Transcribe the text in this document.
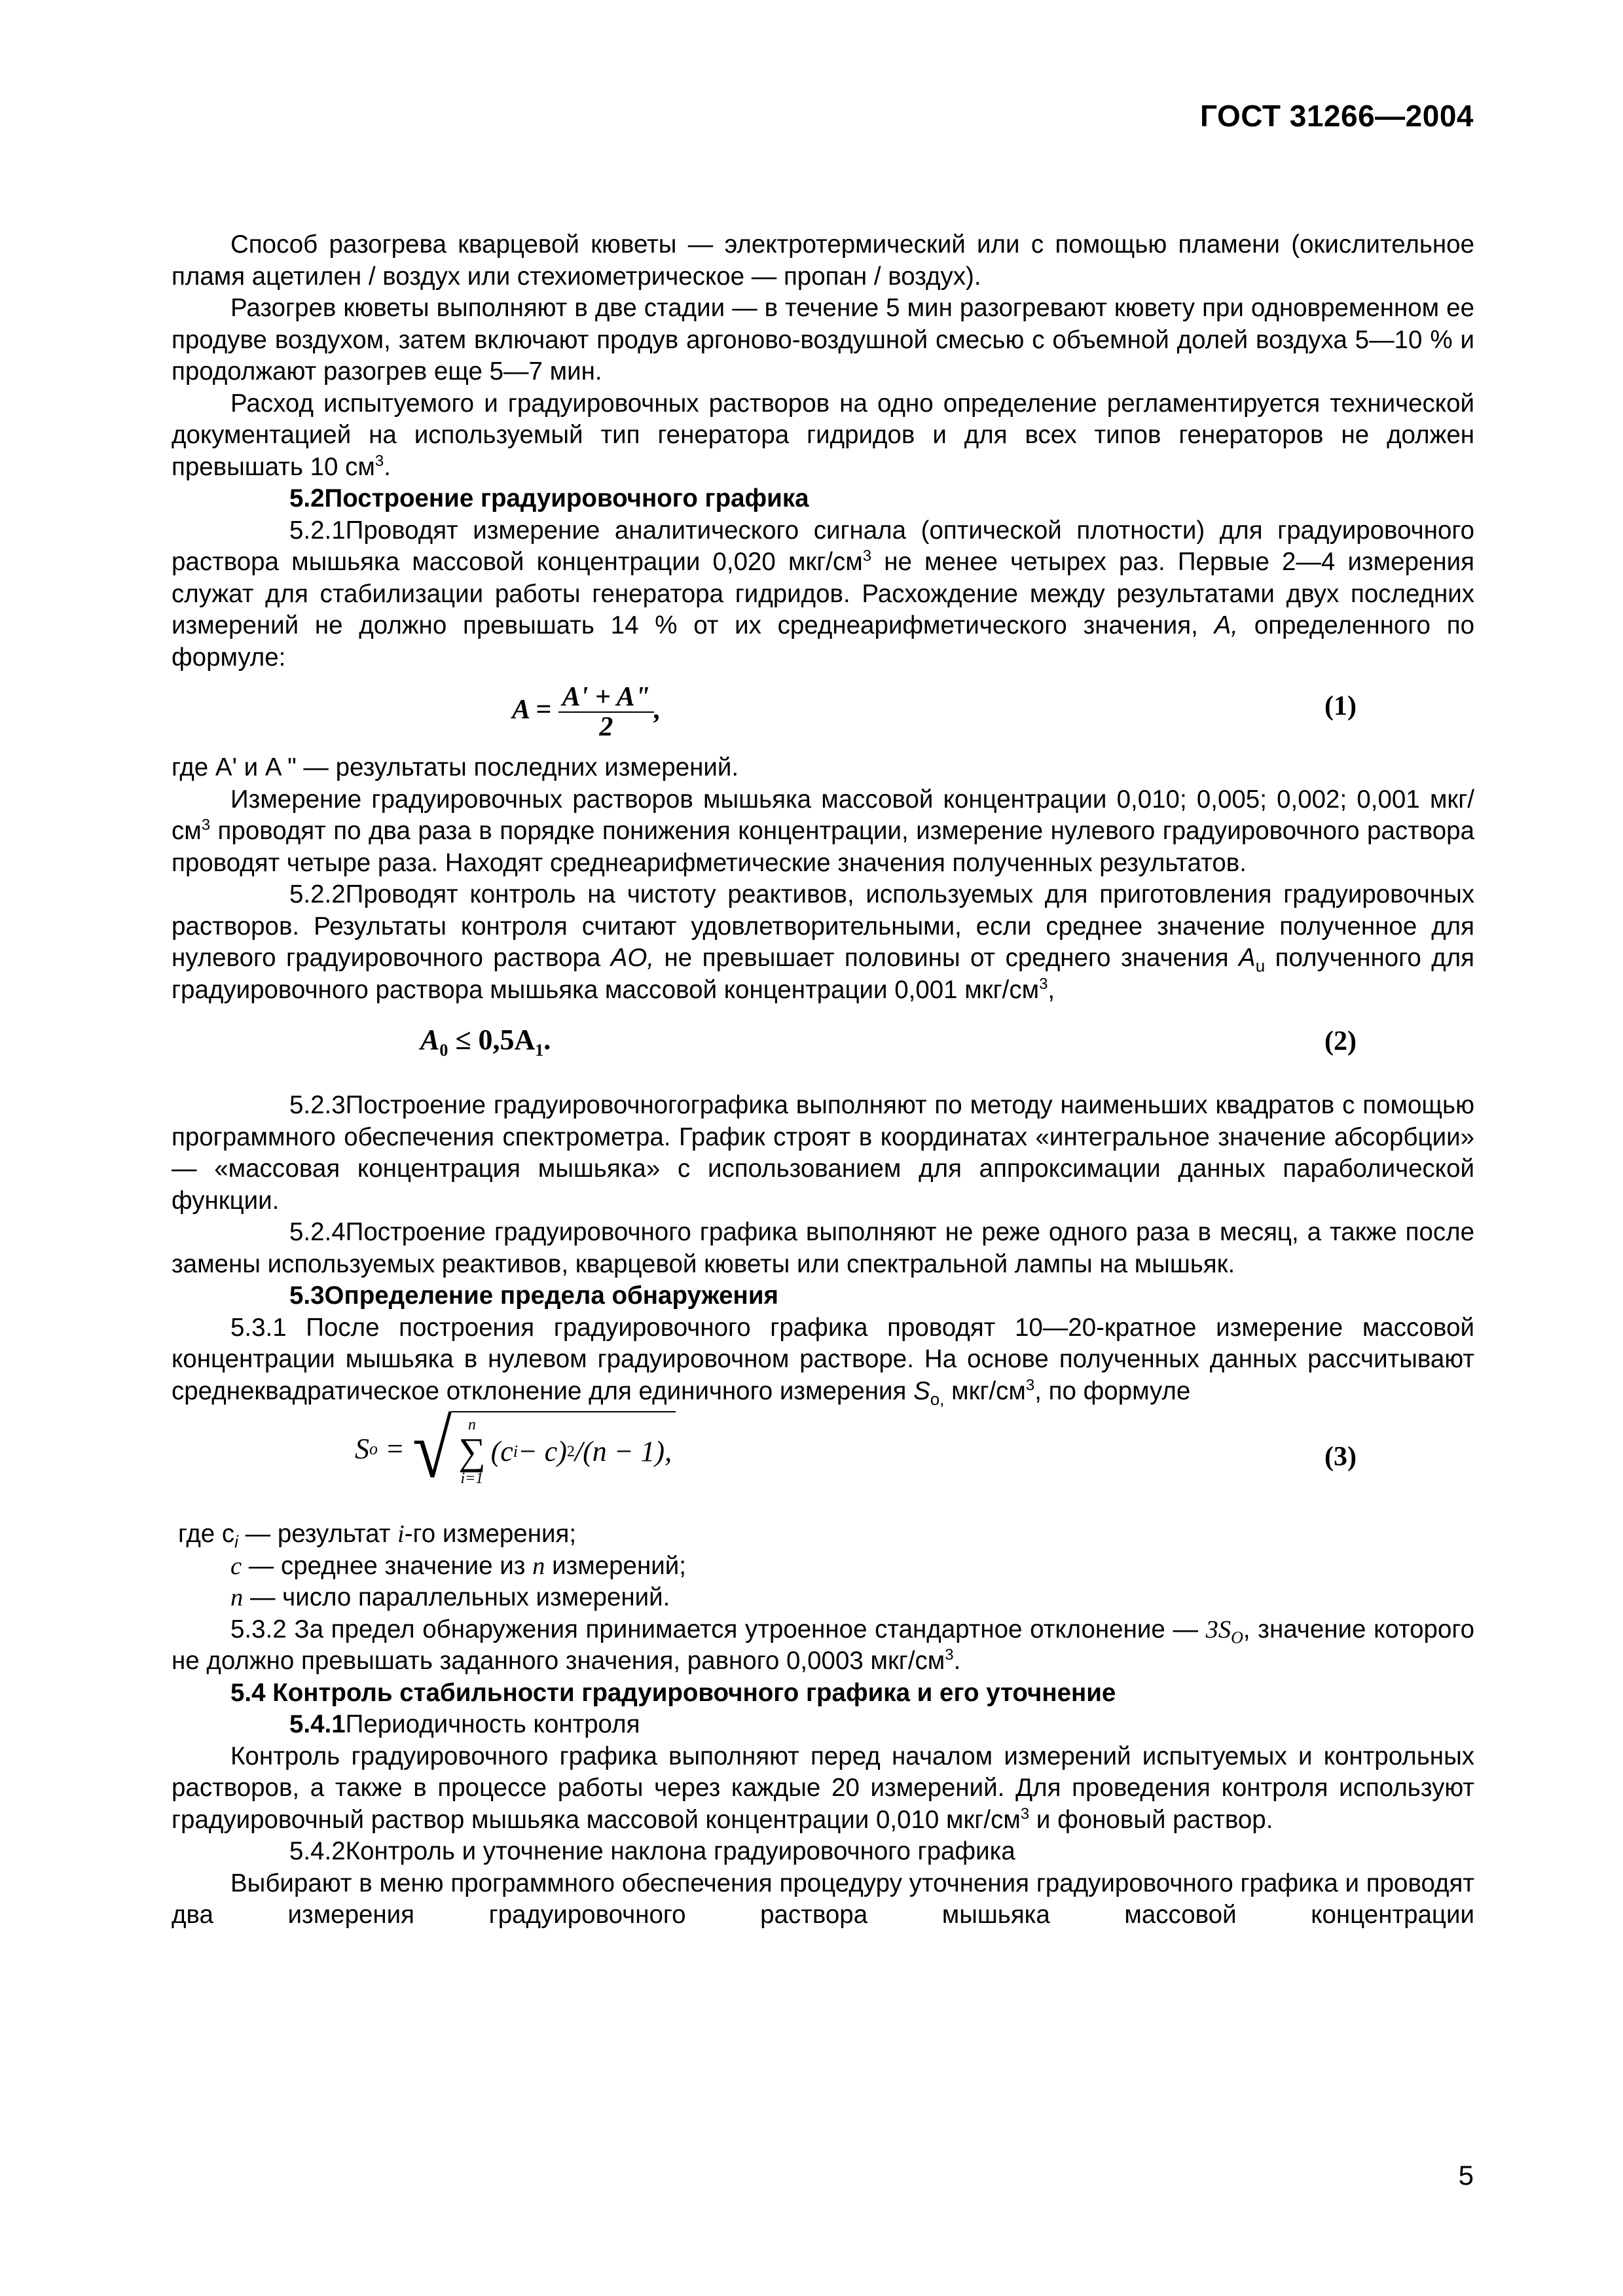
ГОСТ 31266—2004

Способ разогрева кварцевой кюветы — электротермический или с помощью пламени (окислительное пламя ацетилен / воздух или стехиометрическое — пропан / воздух).

Разогрев кюветы выполняют в две стадии — в течение 5 мин разогревают кювету при одновременном ее продуве воздухом, затем включают продув аргоново-воздушной смесью с объемной долей воздуха 5—10 % и продолжают разогрев еще 5—7 мин.

Расход испытуемого и градуировочных растворов на одно определение регламентируется технической документацией на используемый тип генератора гидридов и для всех типов генераторов не должен превышать 10 $см^3$.

5.2Построение градуировочного графика

5.2.1Проводят измерение аналитического сигнала (оптической плотности) для градуировочного раствора мышьяка массовой концентрации 0,020 мкг/$см^3$ не менее четырех раз. Первые 2—4 измерения служат для стабилизации работы генератора гидридов. Расхождение между результатами двух последних измерений не должно превышать 14 % от их среднеарифметического значения, A, определенного по формуле:

$A = \frac{A' + A"}{2}$ ,	(1)

где A' и A " — результаты последних измерений.

Измерение градуировочных растворов мышьяка массовой концентрации 0,010; 0,005; 0,002; 0,001 мкг/$см^3$ проводят по два раза в порядке понижения концентрации, измерение нулевого градуировочного раствора проводят четыре раза. Находят среднеарифметические значения полученных результатов.

5.2.2Проводят контроль на чистоту реактивов, используемых для приготовления градуировочных растворов. Результаты контроля считают удовлетворительными, если среднее значение полученное для нулевого градуировочного раствора AO, не превышает половины от среднего значения $A_u$ полученного для градуировочного раствора мышьяка массовой концентрации 0,001 мкг/$см^3$,

$A_0 \le 0,5A_1$.	(2)

5.2.3Построение градуировочногографика выполняют по методу наименьших квадратов с помощью программного обеспечения спектрометра. График строят в координатах «интегральное значение абсорбции» — «массовая концентрация мышьяка» с использованием для аппроксимации данных параболической функции.

5.2.4Построение градуировочного графика выполняют не реже одного раза в месяц, а также после замены используемых реактивов, кварцевой кюветы или спектральной лампы на мышьяк.

5.3Определение предела обнаружения

5.3.1 После построения градуировочного графика проводят 10—20-кратное измерение массовой концентрации мышьяка в нулевом градуировочном растворе. На основе полученных данных рассчитывают среднеквадратическое отклонение для единичного измерения $S_{o,}$ мкг/$см^3$, по формуле

S o = √ n
∑
i=1
(c i − c) 2 /(n − 1),	(3)

где $c_i$ — результат i-го измерения;

c — среднее значение из n измерений;

n — число параллельных измерений.

5.3.2 За предел обнаружения принимается утроенное стандартное отклонение — $3S_O$, значение которого не должно превышать заданного значения, равного 0,0003 мкг/$см^3$.

5.4 Контроль стабильности градуировочного графика и его уточнение

5.4.1Периодичность контроля

Контроль градуировочного графика выполняют перед началом измерений испытуемых и контрольных растворов, а также в процессе работы через каждые 20 измерений. Для проведения контроля используют градуировочный раствор мышьяка массовой концентрации 0,010 мкг/$см^3$ и фоновый раствор.

5.4.2Контроль и уточнение наклона градуировочного графика

Выбирают в меню программного обеспечения процедуру уточнения градуировочного графика и проводят два измерения градуировочного раствора мышьяка массовой концентрации

5
